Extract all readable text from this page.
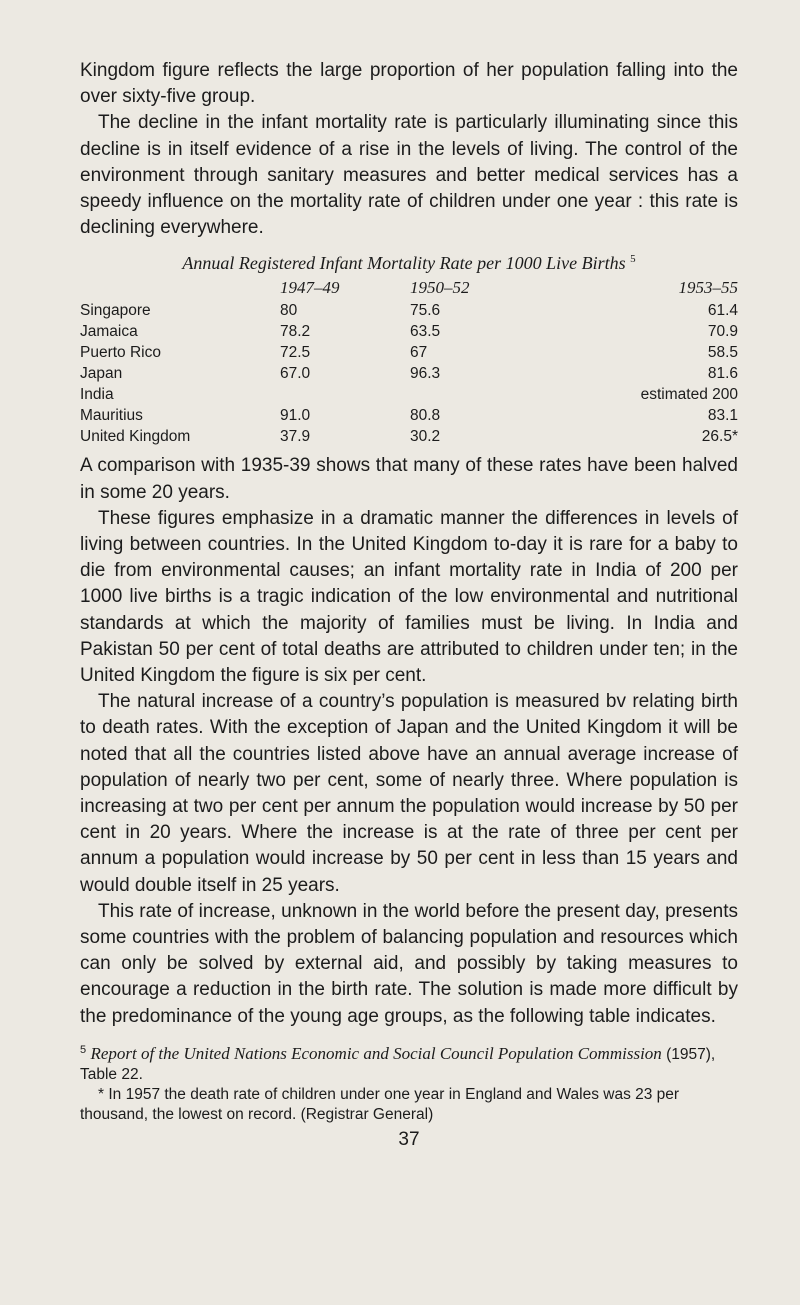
Kingdom figure reflects the large proportion of her population falling into the over sixty-five group.

The decline in the infant mortality rate is particularly illuminating since this decline is in itself evidence of a rise in the levels of living. The control of the environment through sanitary measures and better medical services has a speedy influence on the mortality rate of children under one year : this rate is declining everywhere.

Annual Registered Infant Mortality Rate per 1000 Live Births $^5$
	1947–49	1950–52	1953–55
Singapore	80	75.6	61.4
Jamaica	78.2	63.5	70.9
Puerto Rico	72.5	67	58.5
Japan	67.0	96.3	81.6
India			estimated 200
Mauritius	91.0	80.8	83.1
United Kingdom	37.9	30.2	26.5*

A comparison with 1935-39 shows that many of these rates have been halved in some 20 years.

These figures emphasize in a dramatic manner the differences in levels of living between countries. In the United Kingdom to-day it is rare for a baby to die from environmental causes; an infant mortality rate in India of 200 per 1000 live births is a tragic indication of the low environmental and nutritional standards at which the majority of families must be living. In India and Pakistan 50 per cent of total deaths are attributed to children under ten; in the United Kingdom the figure is six per cent.

The natural increase of a country’s population is measured bv relating birth to death rates. With the exception of Japan and the United Kingdom it will be noted that all the countries listed above have an annual average increase of population of nearly two per cent, some of nearly three. Where population is increasing at two per cent per annum the population would increase by 50 per cent in 20 years. Where the increase is at the rate of three per cent per annum a population would increase by 50 per cent in less than 15 years and would double itself in 25 years.

This rate of increase, unknown in the world before the present day, presents some countries with the problem of balancing population and resources which can only be solved by external aid, and possibly by taking measures to encourage a reduction in the birth rate. The solution is made more difficult by the predominance of the young age groups, as the following table indicates.

$^5$ Report of the United Nations Economic and Social Council Population Commission (1957), Table 22.

* In 1957 the death rate of children under one year in England and Wales was 23 per thousand, the lowest on record. (Registrar General)

37
